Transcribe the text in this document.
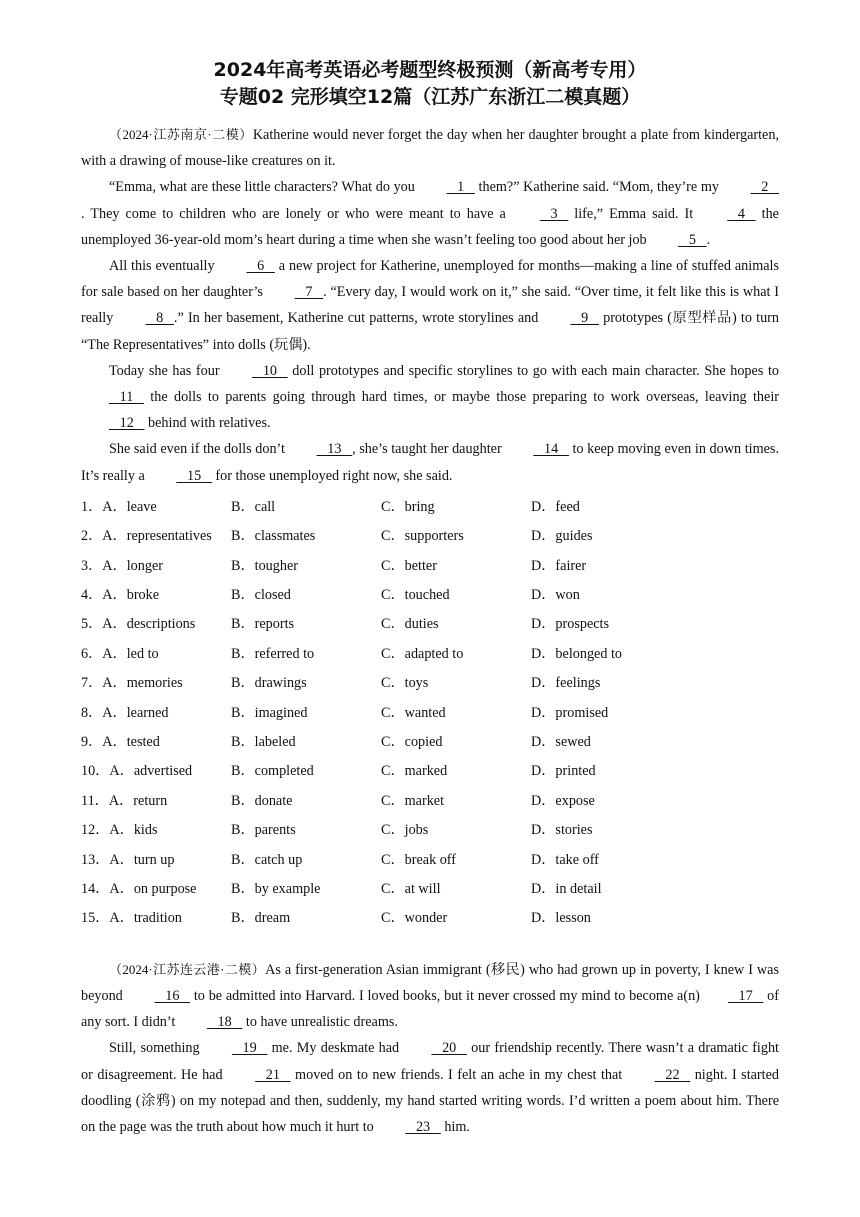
2024年高考英语必考题型终极预测（新高考专用）
专题02 完形填空12篇（江苏广东浙江二模真题）

（2024·江苏南京·二模）Katherine would never forget the day when her daughter brought a plate from kindergarten, with a drawing of mouse-like creatures on it.

“Emma, what are these little characters? What do you    1    them?” Katherine said. “Mom, they’re my    2   . They come to children who are lonely or who were meant to have a    3    life,” Emma said. It    4    the unemployed 36-year-old mom’s heart during a time when she wasn’t feeling too good about her job    5   .

All this eventually    6    a new project for Katherine, unemployed for months—making a line of stuffed animals for sale based on her daughter’s    7   . “Every day, I would work on it,” she said. “Over time, it felt like this is what I really    8   .” In her basement, Katherine cut patterns, wrote storylines and    9    prototypes (原型样品) to turn “The Representatives” into dolls (玩偶).

Today she has four    10    doll prototypes and specific storylines to go with each main character. She hopes to   11    the dolls to parents going through hard times, or maybe those preparing to work overseas, leaving their    12    behind with relatives.

She said even if the dolls don’t    13   , she’s taught her daughter    14    to keep moving even in down times. It’s really a    15    for those unemployed right now, she said.

1．A．leave	B．call	C．bring	D．feed
2．A．representatives	B．classmates	C．supporters	D．guides
3．A．longer	B．tougher	C．better	D．fairer
4．A．broke	B．closed	C．touched	D．won
5．A．descriptions	B．reports	C．duties	D．prospects
6．A．led to	B．referred to	C．adapted to	D．belonged to
7．A．memories	B．drawings	C．toys	D．feelings
8．A．learned	B．imagined	C．wanted	D．promised
9．A．tested	B．labeled	C．copied	D．sewed
10．A．advertised	B．completed	C．marked	D．printed
11．A．return	B．donate	C．market	D．expose
12．A．kids	B．parents	C．jobs	D．stories
13．A．turn up	B．catch up	C．break off	D．take off
14．A．on purpose	B．by example	C．at will	D．in detail
15．A．tradition	B．dream	C．wonder	D．lesson

（2024·江苏连云港·二模）As a first-generation Asian immigrant (移民) who had grown up in poverty, I knew I was beyond    16    to be admitted into Harvard. I loved books, but it never crossed my mind to become a(n)   17    of any sort. I didn’t    18    to have unrealistic dreams.

Still, something    19    me. My deskmate had    20    our friendship recently. There wasn’t a dramatic fight or disagreement. He had    21    moved on to new friends. I felt an ache in my chest that    22    night. I started doodling (涂鸦) on my notepad and then, suddenly, my hand started writing words. I’d written a poem about him. There on the page was the truth about how much it hurt to    23    him.
